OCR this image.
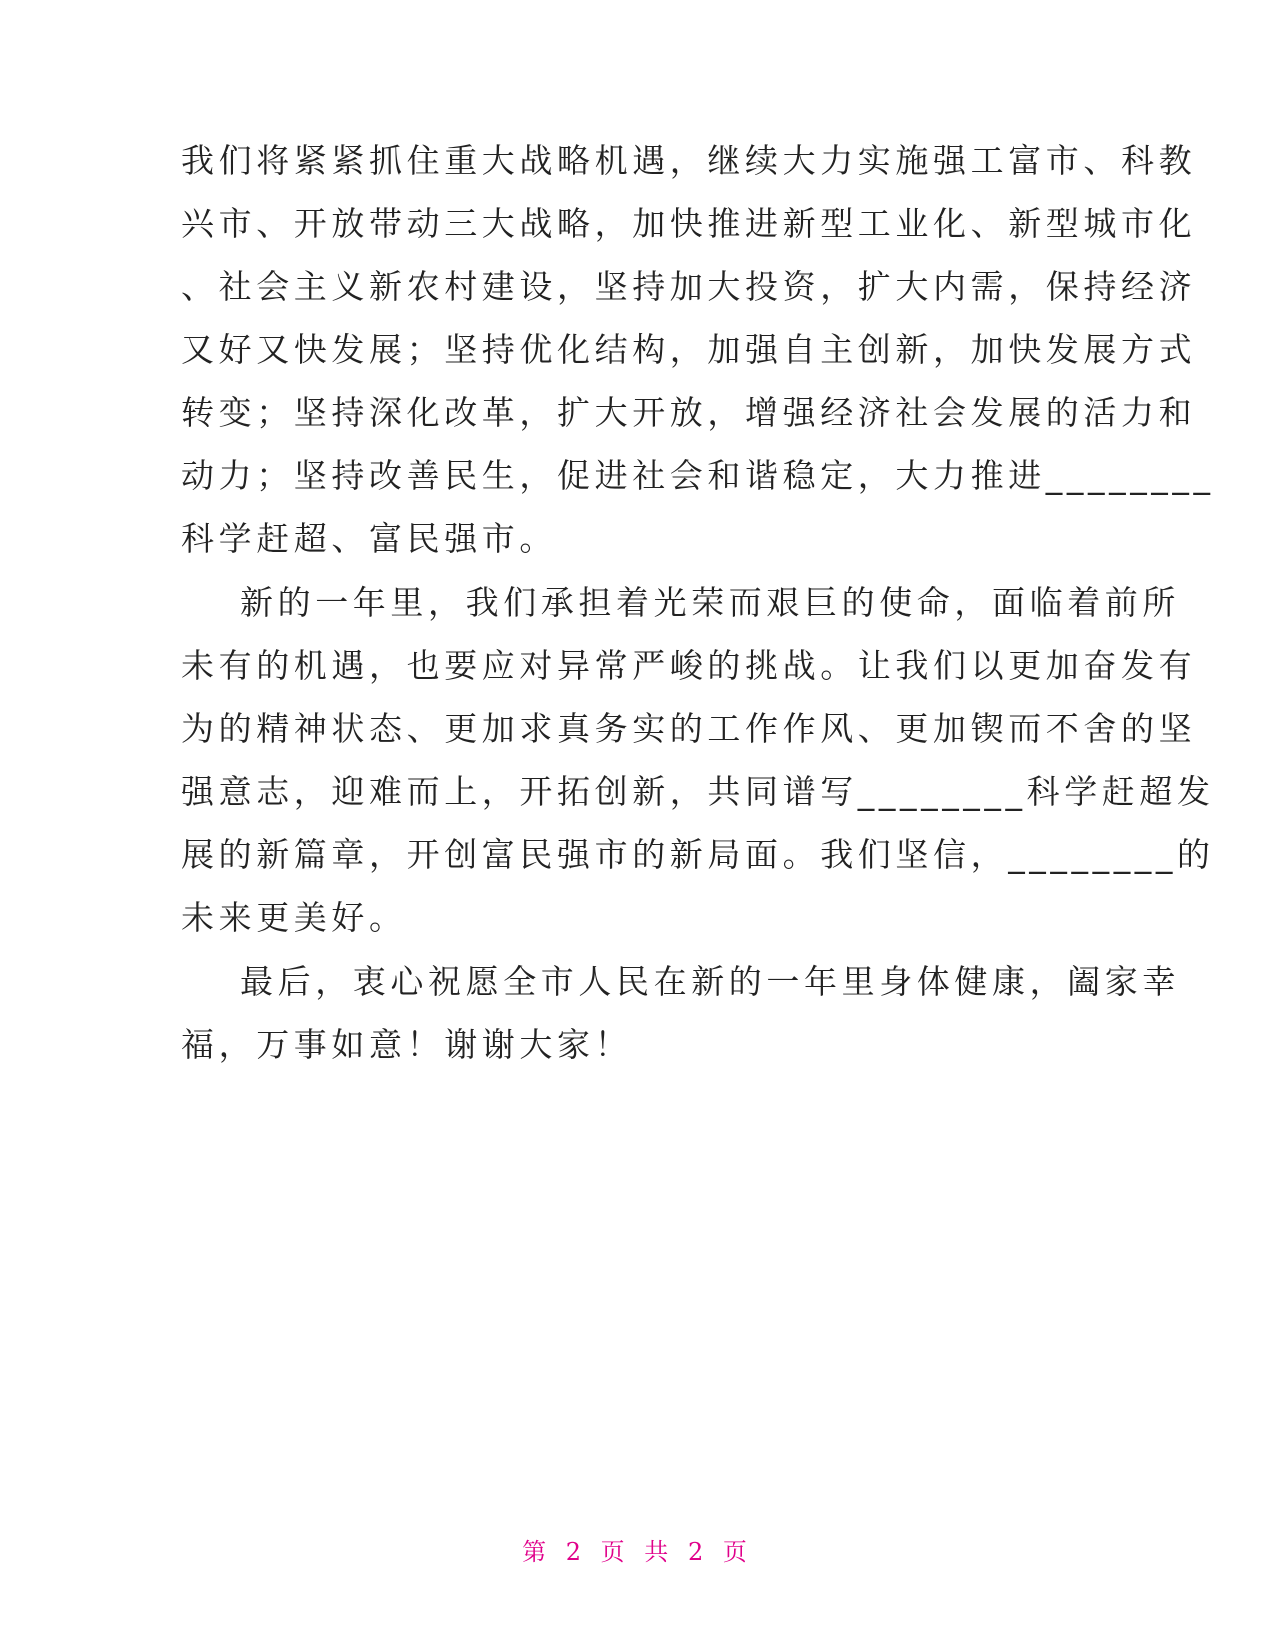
我们将紧紧抓住重大战略机遇，继续大力实施强工富市、科教
兴市、开放带动三大战略，加快推进新型工业化、新型城市化
、社会主义新农村建设，坚持加大投资，扩大内需，保持经济
又好又快发展；坚持优化结构，加强自主创新，加快发展方式
转变；坚持深化改革，扩大开放，增强经济社会发展的活力和
动力；坚持改善民生，促进社会和谐稳定，大力推进________
科学赶超、富民强市。
新的一年里，我们承担着光荣而艰巨的使命，面临着前所
未有的机遇，也要应对异常严峻的挑战。让我们以更加奋发有
为的精神状态、更加求真务实的工作作风、更加锲而不舍的坚
强意志，迎难而上，开拓创新，共同谱写________科学赶超发
展的新篇章，开创富民强市的新局面。我们坚信，________的
未来更美好。
最后，衷心祝愿全市人民在新的一年里身体健康，阖家幸
福，万事如意！谢谢大家！
第 2 页 共 2 页
